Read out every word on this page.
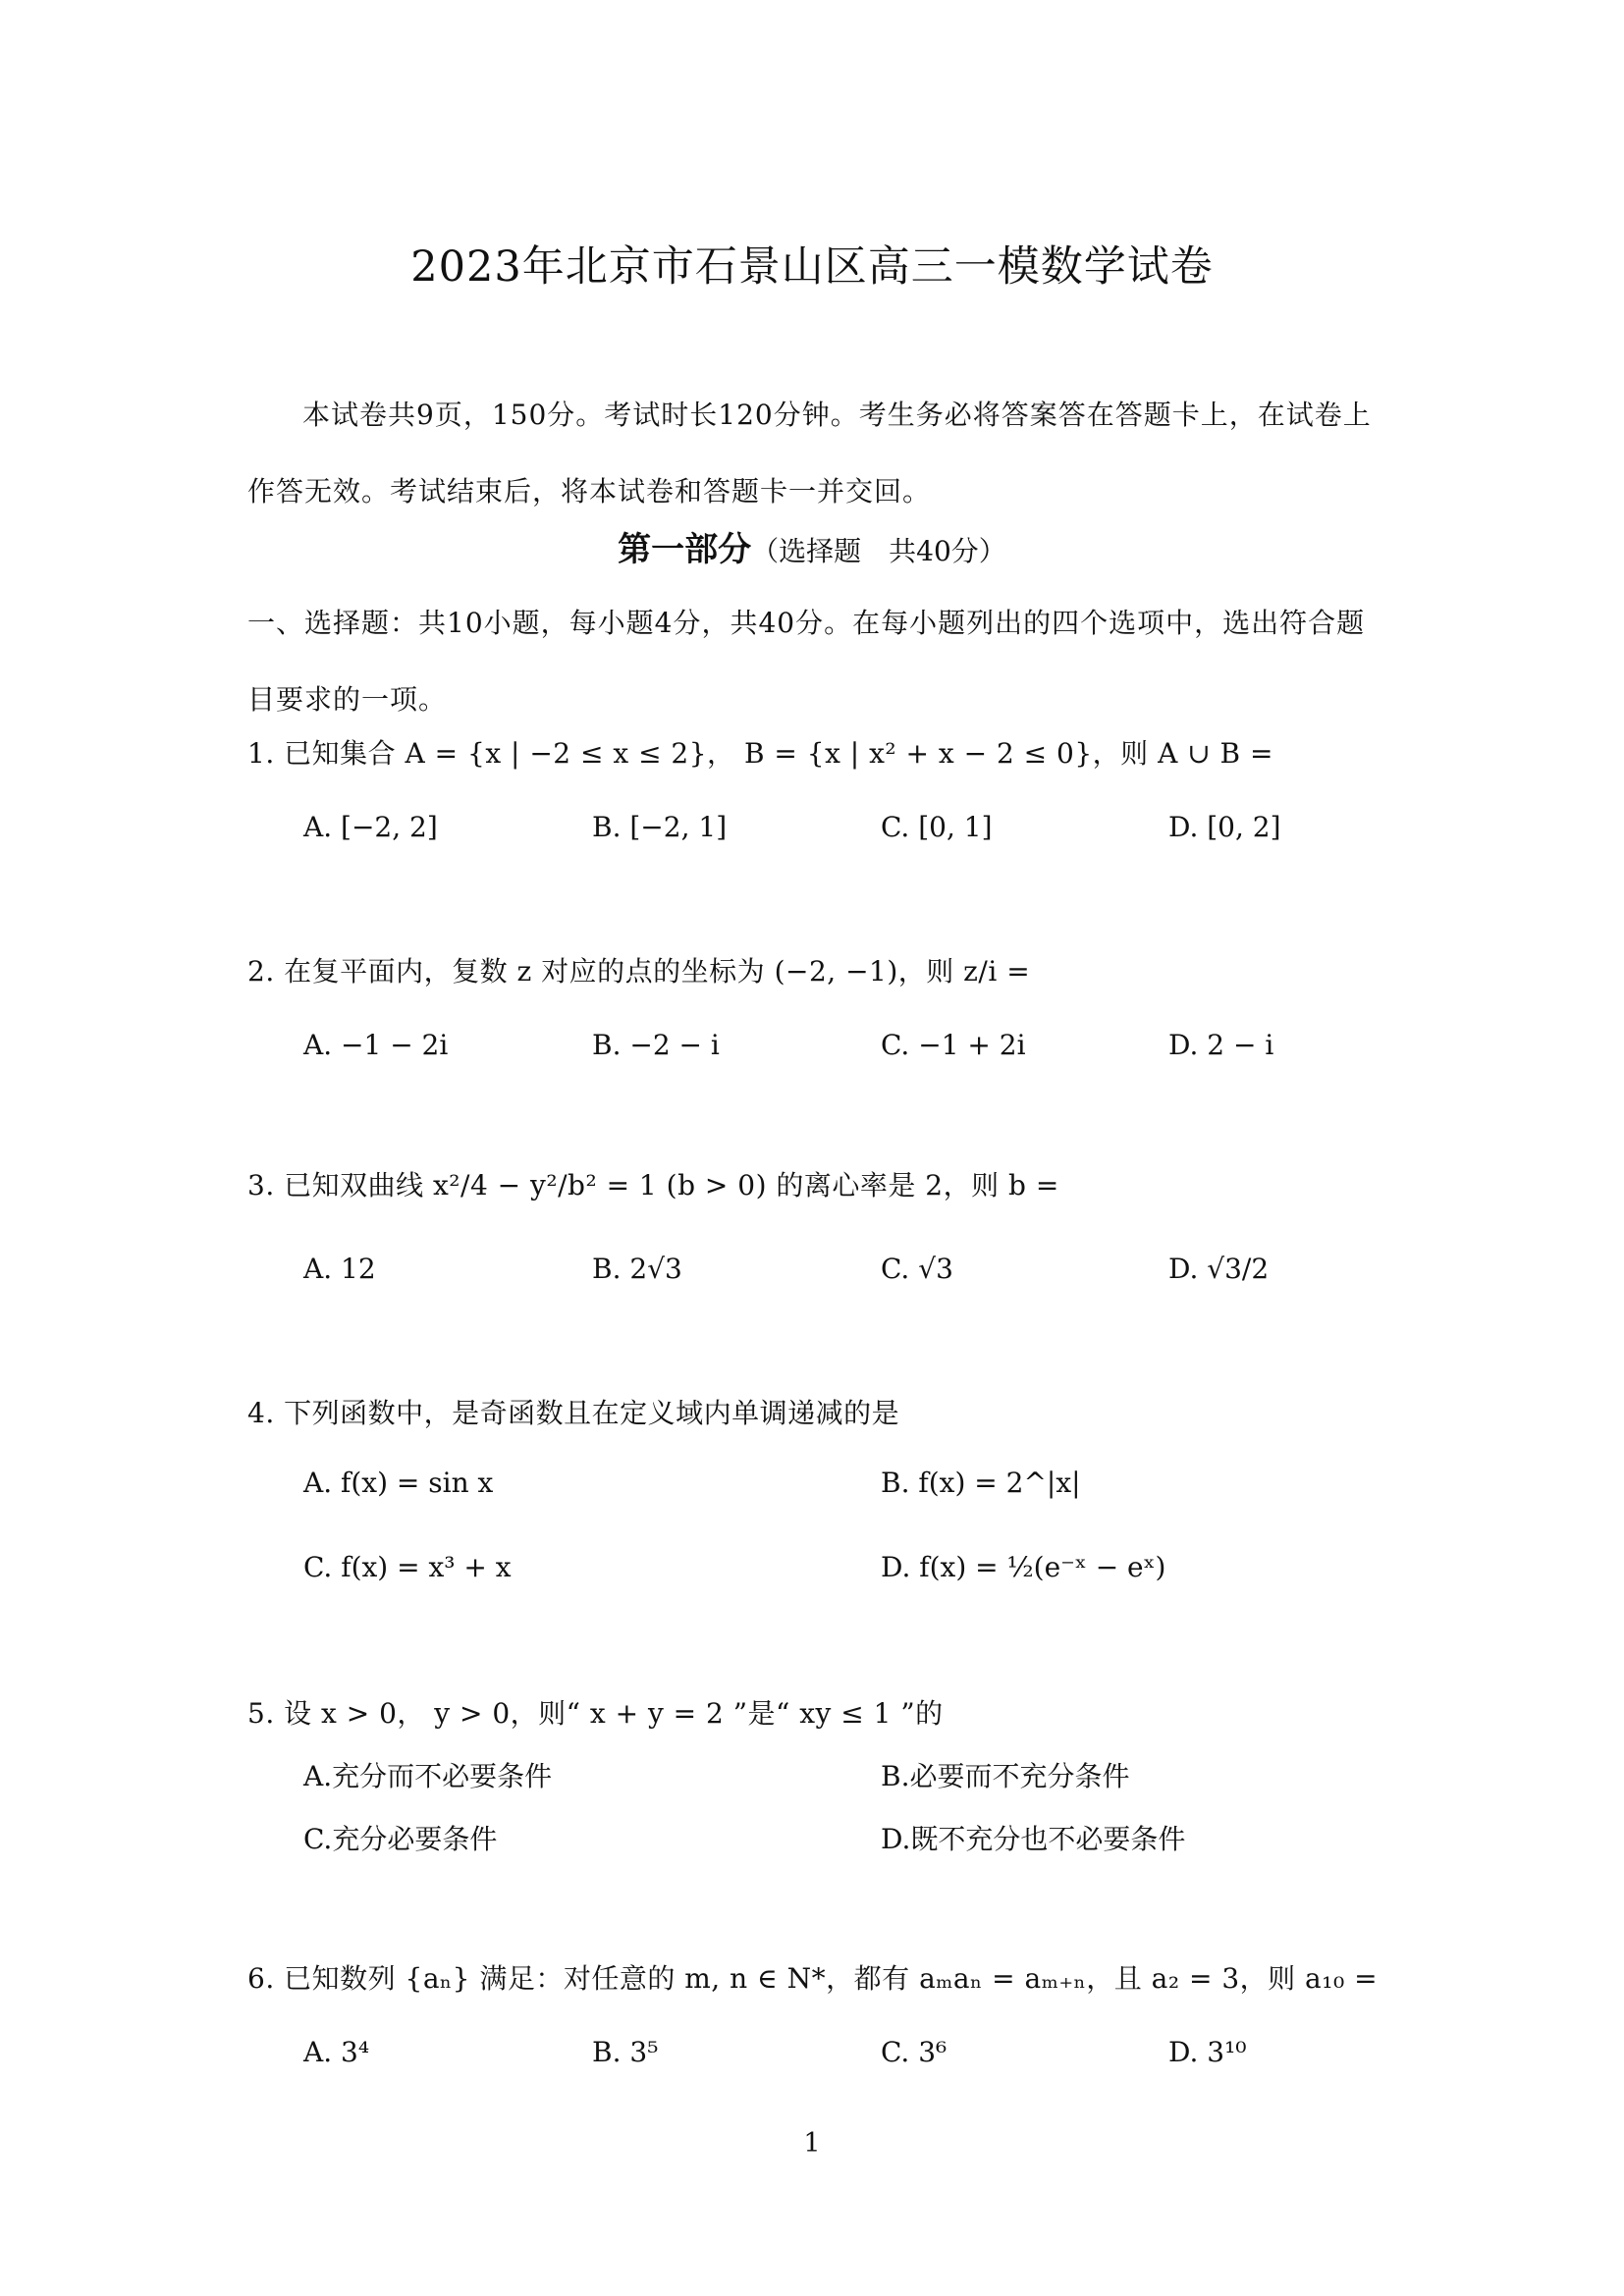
2023年北京市石景山区高三一模数学试卷
本试卷共9页，150分。考试时长120分钟。考生务必将答案答在答题卡上，在试卷上作答无效。考试结束后，将本试卷和答题卡一并交回。
第一部分（选择题　共40分）
一、选择题：共10小题，每小题4分，共40分。在每小题列出的四个选项中，选出符合题目要求的一项。
1. 已知集合 A = {x | −2 ≤ x ≤ 2}， B = {x | x² + x − 2 ≤ 0}，则 A ∪ B =
A. [−2, 2]	B. [−2, 1]	C. [0, 1]	D. [0, 2]
2. 在复平面内，复数 z 对应的点的坐标为 (−2, −1)，则 z/i =
A. −1 − 2i	B. −2 − i	C. −1 + 2i	D. 2 − i
3. 已知双曲线 x²/4 − y²/b² = 1 (b > 0) 的离心率是 2，则 b =
A. 12	B. 2√3	C. √3	D. √3/2
4. 下列函数中，是奇函数且在定义域内单调递减的是
A. f(x) = sin x	B. f(x) = 2^|x|
C. f(x) = x³ + x	D. f(x) = ½(e⁻ˣ − eˣ)
5. 设 x > 0， y > 0，则“ x + y = 2 ”是“ xy ≤ 1 ”的
A.充分而不必要条件	B.必要而不充分条件
C.充分必要条件	D.既不充分也不必要条件
6. 已知数列 {aₙ} 满足：对任意的 m, n ∈ N*，都有 aₘaₙ = aₘ₊ₙ，且 a₂ = 3，则 a₁₀ =
A. 3⁴	B. 3⁵	C. 3⁶	D. 3¹⁰
1
